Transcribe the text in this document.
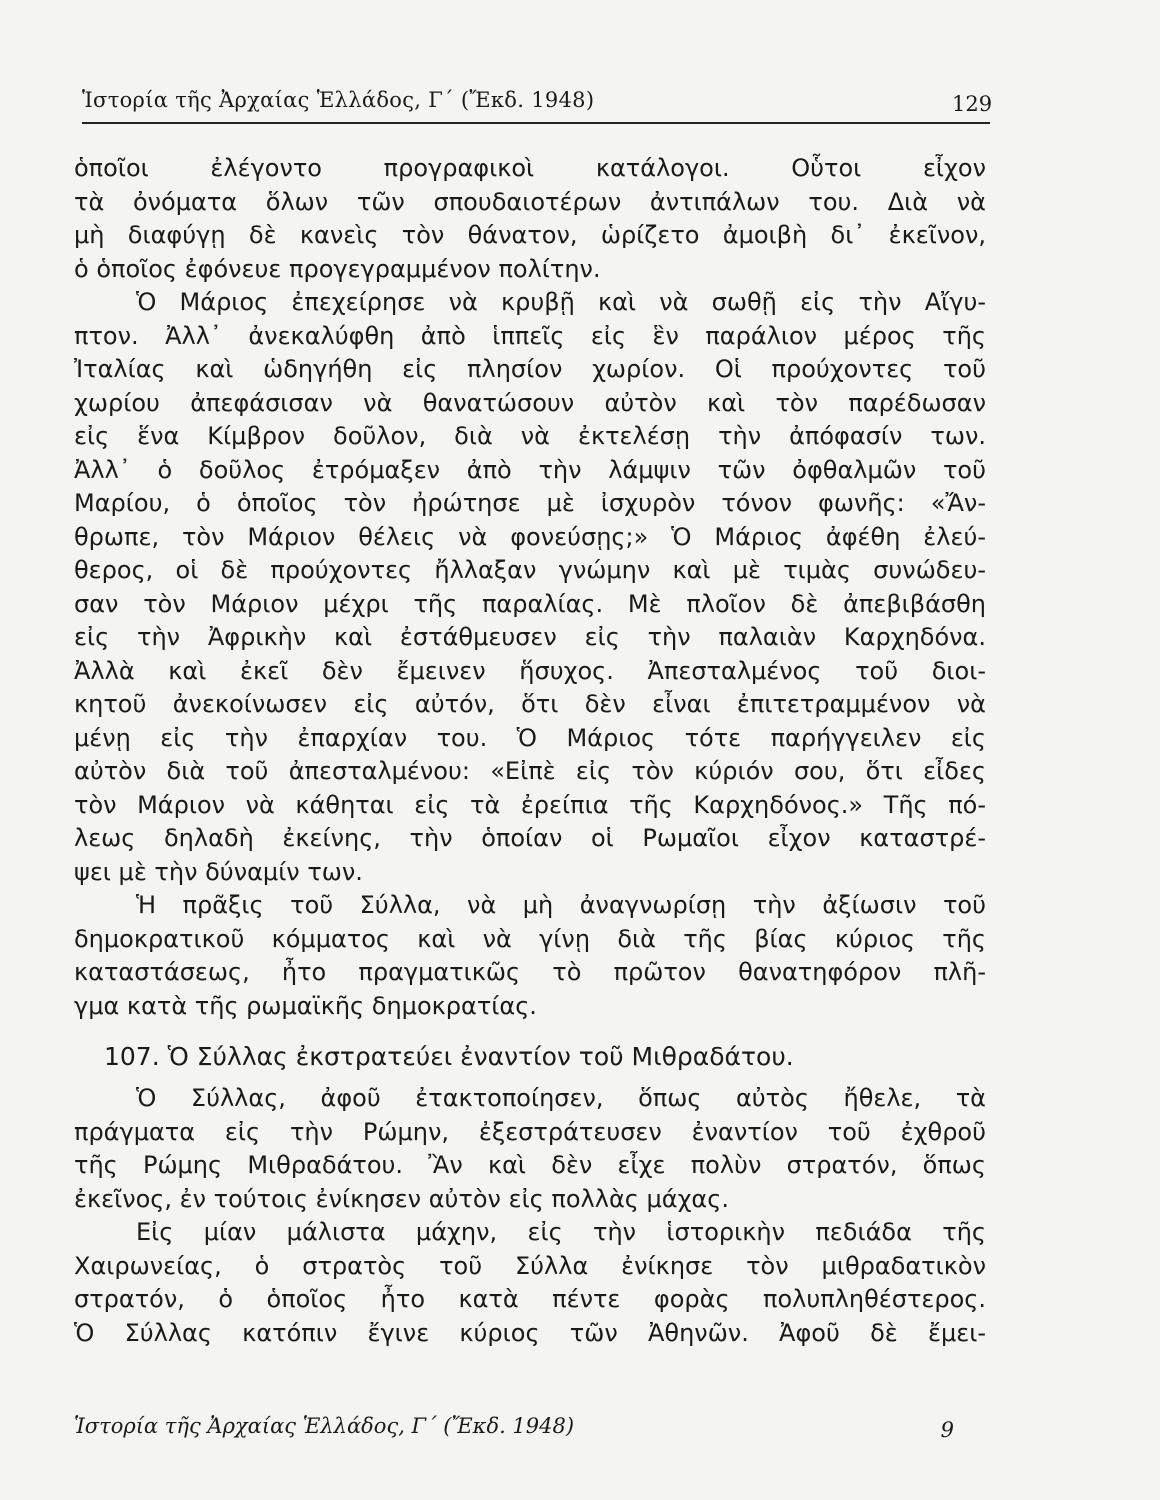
Ἱστορία τῆς Ἀρχαίας Ἑλλάδος, Γ΄ (Ἔκδ. 1948)	129
ὁποῖοι ἐλέγοντο προγραφικοὶ κατάλογοι. Οὗτοι εἶχον
τὰ ὀνόματα ὅλων τῶν σπουδαιοτέρων ἀντιπάλων του. Διὰ νὰ
μὴ διαφύγῃ δὲ κανεὶς τὸν θάνατον, ὡρίζετο ἀμοιβὴ δι᾽ ἐκεῖνον,
ὁ ὁποῖος ἐφόνευε προγεγραμμένον πολίτην.
Ὁ Μάριος ἐπεχείρησε νὰ κρυβῇ καὶ νὰ σωθῇ εἰς τὴν Αἴγυ-
πτον. Ἀλλ᾽ ἀνεκαλύφθη ἀπὸ ἱππεῖς εἰς ἓν παράλιον μέρος τῆς
Ἰταλίας καὶ ὡδηγήθη εἰς πλησίον χωρίον. Οἱ προύχοντες τοῦ
χωρίου ἀπεφάσισαν νὰ θανατώσουν αὐτὸν καὶ τὸν παρέδωσαν
εἰς ἕνα Κίμβρον δοῦλον, διὰ νὰ ἐκτελέσῃ τὴν ἀπόφασίν των.
Ἀλλ᾽ ὁ δοῦλος ἐτρόμαξεν ἀπὸ τὴν λάμψιν τῶν ὀφθαλμῶν τοῦ
Μαρίου, ὁ ὁποῖος τὸν ἠρώτησε μὲ ἰσχυρὸν τόνον φωνῆς: «Ἄν-
θρωπε, τὸν Μάριον θέλεις νὰ φονεύσῃς;» Ὁ Μάριος ἀφέθη ἐλεύ-
θερος, οἱ δὲ προύχοντες ἤλλαξαν γνώμην καὶ μὲ τιμὰς συνώδευ-
σαν τὸν Μάριον μέχρι τῆς παραλίας. Μὲ πλοῖον δὲ ἀπεβιβάσθη
εἰς τὴν Ἀφρικὴν καὶ ἐστάθμευσεν εἰς τὴν παλαιὰν Καρχηδόνα.
Ἀλλὰ καὶ ἐκεῖ δὲν ἔμεινεν ἥσυχος. Ἀπεσταλμένος τοῦ διοι-
κητοῦ ἀνεκοίνωσεν εἰς αὐτόν, ὅτι δὲν εἶναι ἐπιτετραμμένον νὰ
μένῃ εἰς τὴν ἐπαρχίαν του. Ὁ Μάριος τότε παρήγγειλεν εἰς
αὐτὸν διὰ τοῦ ἀπεσταλμένου: «Εἰπὲ εἰς τὸν κύριόν σου, ὅτι εἶδες
τὸν Μάριον νὰ κάθηται εἰς τὰ ἐρείπια τῆς Καρχηδόνος.» Τῆς πό-
λεως δηλαδὴ ἐκείνης, τὴν ὁποίαν οἱ Ρωμαῖοι εἶχον καταστρέ-
ψει μὲ τὴν δύναμίν των.
Ἡ πρᾶξις τοῦ Σύλλα, νὰ μὴ ἀναγνωρίσῃ τὴν ἀξίωσιν τοῦ
δημοκρατικοῦ κόμματος καὶ νὰ γίνῃ διὰ τῆς βίας κύριος τῆς
καταστάσεως, ἦτο πραγματικῶς τὸ πρῶτον θανατηφόρον πλῆ-
γμα κατὰ τῆς ρωμαϊκῆς δημοκρατίας.
107. Ὁ Σύλλας ἐκστρατεύει ἐναντίον τοῦ Μιθραδάτου.
Ὁ Σύλλας, ἀφοῦ ἐτακτοποίησεν, ὅπως αὐτὸς ἤθελε, τὰ
πράγματα εἰς τὴν Ρώμην, ἐξεστράτευσεν ἐναντίον τοῦ ἐχθροῦ
τῆς Ρώμης Μιθραδάτου. Ἂν καὶ δὲν εἶχε πολὺν στρατόν, ὅπως
ἐκεῖνος, ἐν τούτοις ἐνίκησεν αὐτὸν εἰς πολλὰς μάχας.
Εἰς μίαν μάλιστα μάχην, εἰς τὴν ἱστορικὴν πεδιάδα τῆς
Χαιρωνείας, ὁ στρατὸς τοῦ Σύλλα ἐνίκησε τὸν μιθραδατικὸν
στρατόν, ὁ ὁποῖος ἦτο κατὰ πέντε φορὰς πολυπληθέστερος.
Ὁ Σύλλας κατόπιν ἔγινε κύριος τῶν Ἀθηνῶν. Ἀφοῦ δὲ ἔμει-
Ἱστορία τῆς Ἀρχαίας Ἑλλάδος, Γ΄ (Ἔκδ. 1948)	9
